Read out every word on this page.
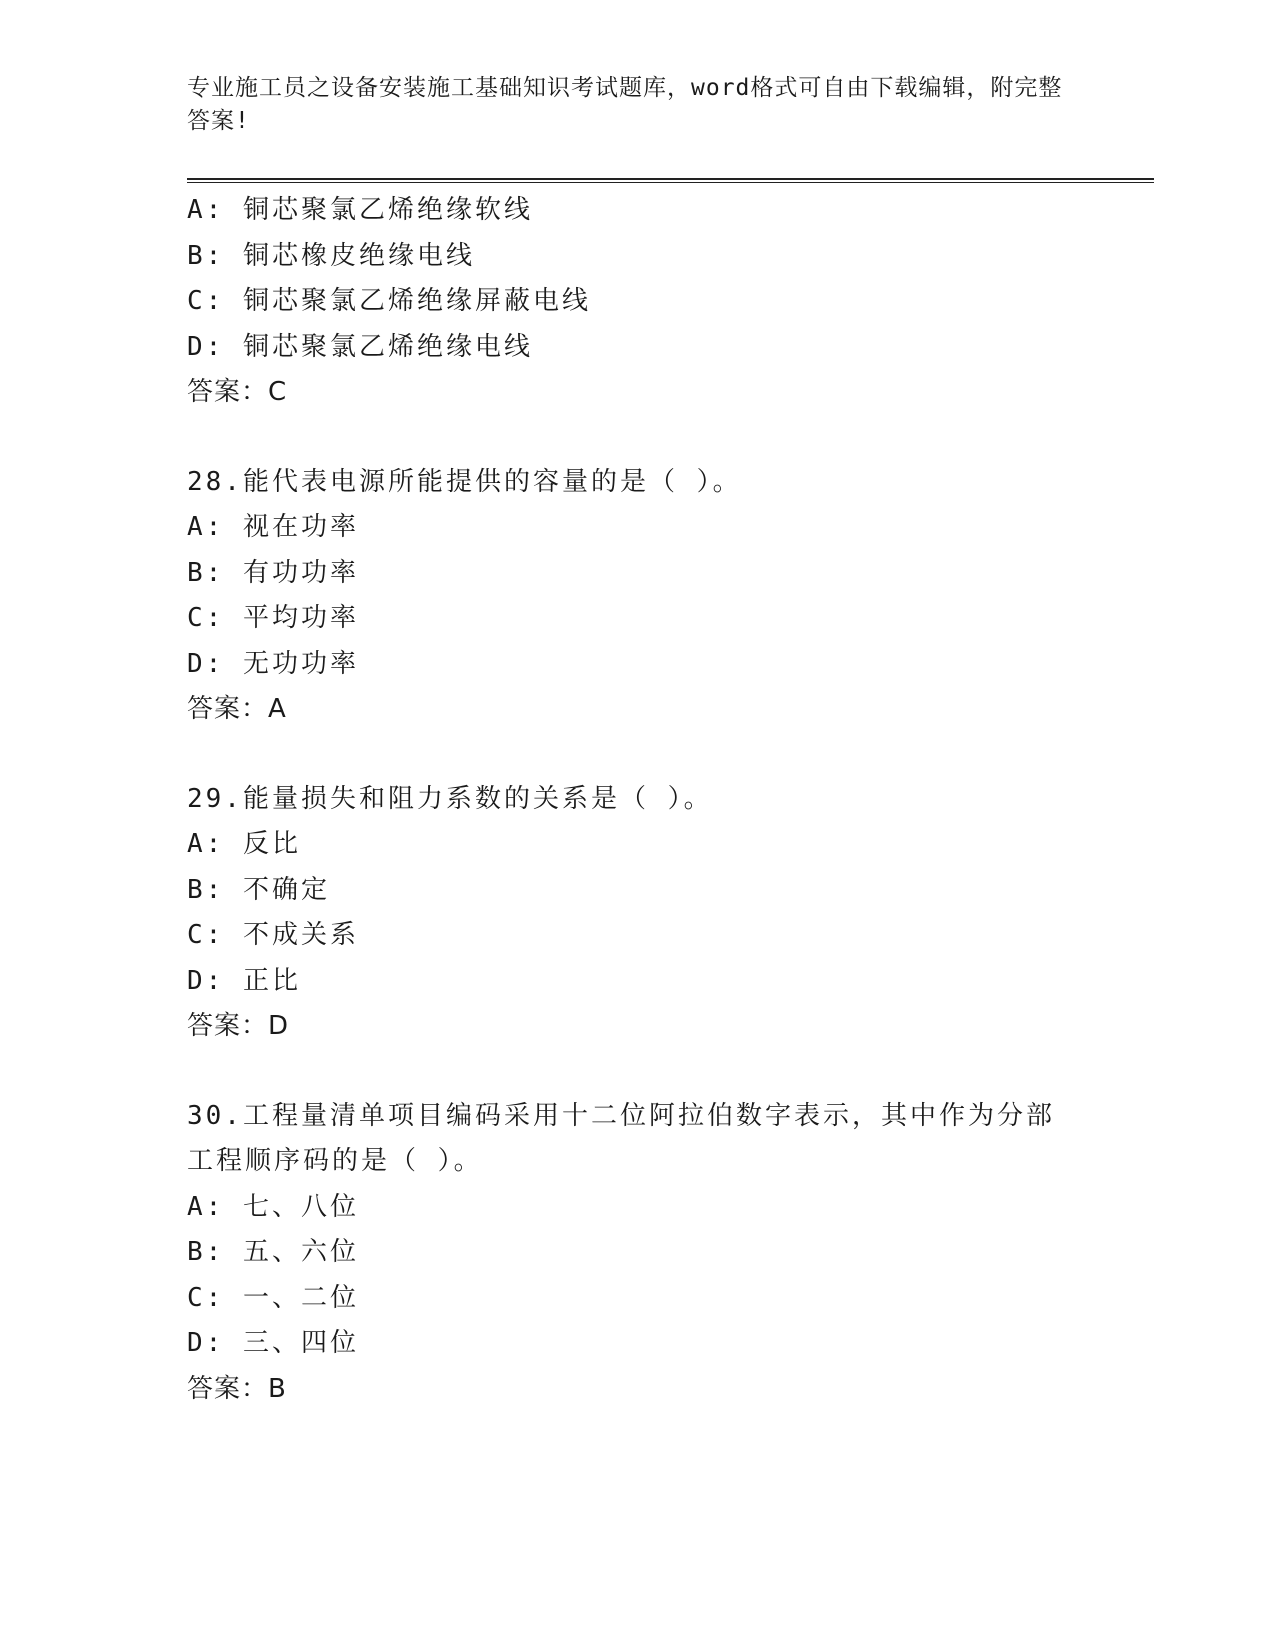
专业施工员之设备安装施工基础知识考试题库，word格式可自由下载编辑，附完整答案!
A: 铜芯聚氯乙烯绝缘软线
B: 铜芯橡皮绝缘电线
C: 铜芯聚氯乙烯绝缘屏蔽电线
D: 铜芯聚氯乙烯绝缘电线
答案：C
28.能代表电源所能提供的容量的是（ ）。
A: 视在功率
B: 有功功率
C: 平均功率
D: 无功功率
答案：A
29.能量损失和阻力系数的关系是（ ）。
A: 反比
B: 不确定
C: 不成关系
D: 正比
答案：D
30.工程量清单项目编码采用十二位阿拉伯数字表示，其中作为分部工程顺序码的是（ ）。
A: 七、八位
B: 五、六位
C: 一、二位
D: 三、四位
答案：B
